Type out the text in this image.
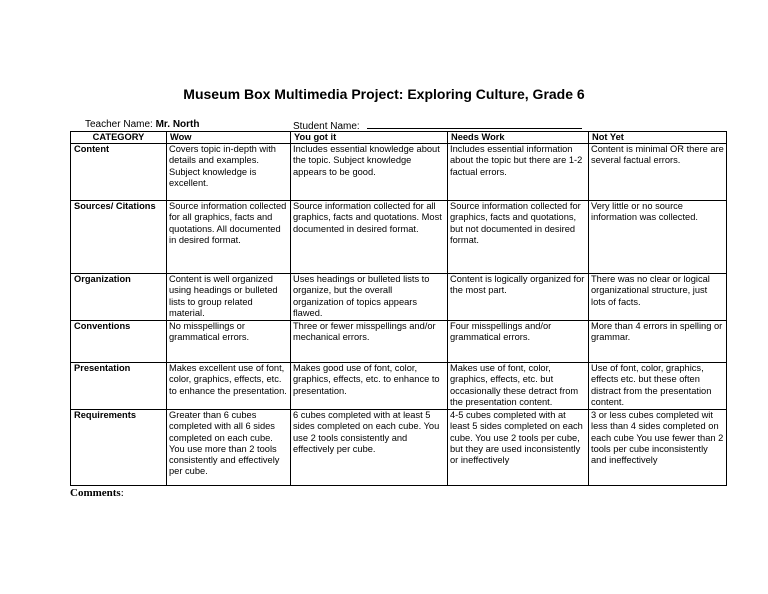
Museum Box Multimedia Project: Exploring Culture, Grade 6
Teacher Name: Mr. North	Student Name:
CATEGORY	Wow	You got it	Needs Work	Not Yet
Content	Covers topic in-depth with details and examples. Subject knowledge is excellent.	Includes essential knowledge about the topic. Subject knowledge appears to be good.	Includes essential information about the topic but there are 1-2 factual errors.	Content is minimal OR there are several factual errors.
Sources/ Citations	Source information collected for all graphics, facts and quotations. All documented in desired format.	Source information collected for all graphics, facts and quotations. Most documented in desired format.	Source information collected for graphics, facts and quotations, but not documented in desired format.	Very little or no source information was collected.
Organization	Content is well organized using headings or bulleted lists to group related material.	Uses headings or bulleted lists to organize, but the overall organization of topics appears flawed.	Content is logically organized for the most part.	There was no clear or logical organizational structure, just lots of facts.
Conventions	No misspellings or grammatical errors.	Three or fewer misspellings and/or mechanical errors.	Four misspellings and/or grammatical errors.	More than 4 errors in spelling or grammar.
Presentation	Makes excellent use of font, color, graphics, effects, etc. to enhance the presentation.	Makes good use of font, color, graphics, effects, etc. to enhance to presentation.	Makes use of font, color, graphics, effects, etc. but occasionally these detract from the presentation content.	Use of font, color, graphics, effects etc. but these often distract from the presentation content.
Requirements	Greater than 6 cubes completed with all 6 sides completed on each cube. You use more than 2 tools consistently and effectively per cube.	6 cubes completed with at least 5 sides completed on each cube. You use 2 tools consistently and effectively per cube.	4-5 cubes completed with at least 5 sides completed on each cube. You use 2 tools per cube, but they are used inconsistently or ineffectively	3 or less cubes completed wit less than 4 sides completed on each cube You use fewer than 2 tools per cube inconsistently and ineffectively
Comments:
